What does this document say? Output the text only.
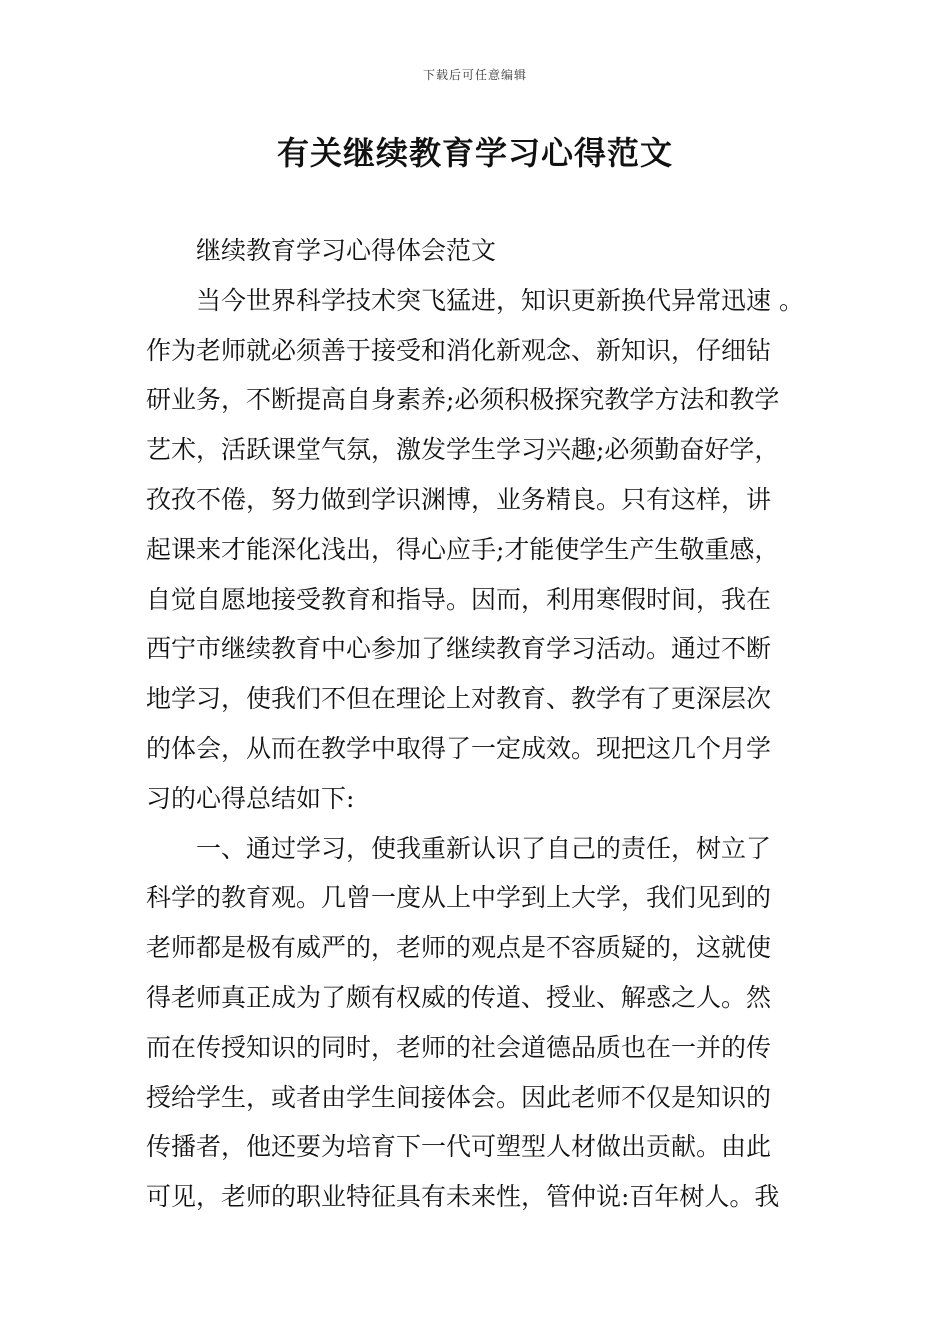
下载后可任意编辑
有关继续教育学习心得范文
继续教育学习心得体会范文
当今世界科学技术突飞猛进，知识更新换代异常迅速 。
作为老师就必须善于接受和消化新观念、新知识，仔细钻
研业务，不断提高自身素养;必须积极探究教学方法和教学
艺术，活跃课堂气氛，激发学生学习兴趣;必须勤奋好学，
孜孜不倦，努力做到学识渊博，业务精良。只有这样，讲
起课来才能深化浅出，得心应手;才能使学生产生敬重感，
自觉自愿地接受教育和指导。因而，利用寒假时间，我在
西宁市继续教育中心参加了继续教育学习活动。通过不断
地学习，使我们不但在理论上对教育、教学有了更深层次
的体会，从而在教学中取得了一定成效。现把这几个月学
习的心得总结如下:
一、通过学习，使我重新认识了自己的责任，树立了
科学的教育观。几曾一度从上中学到上大学，我们见到的
老师都是极有威严的，老师的观点是不容质疑的，这就使
得老师真正成为了颇有权威的传道、授业、解惑之人。然
而在传授知识的同时，老师的社会道德品质也在一并的传
授给学生，或者由学生间接体会。因此老师不仅是知识的
传播者，他还要为培育下一代可塑型人材做出贡献。由此
可见，老师的职业特征具有未来性，管仲说:百年树人。我
